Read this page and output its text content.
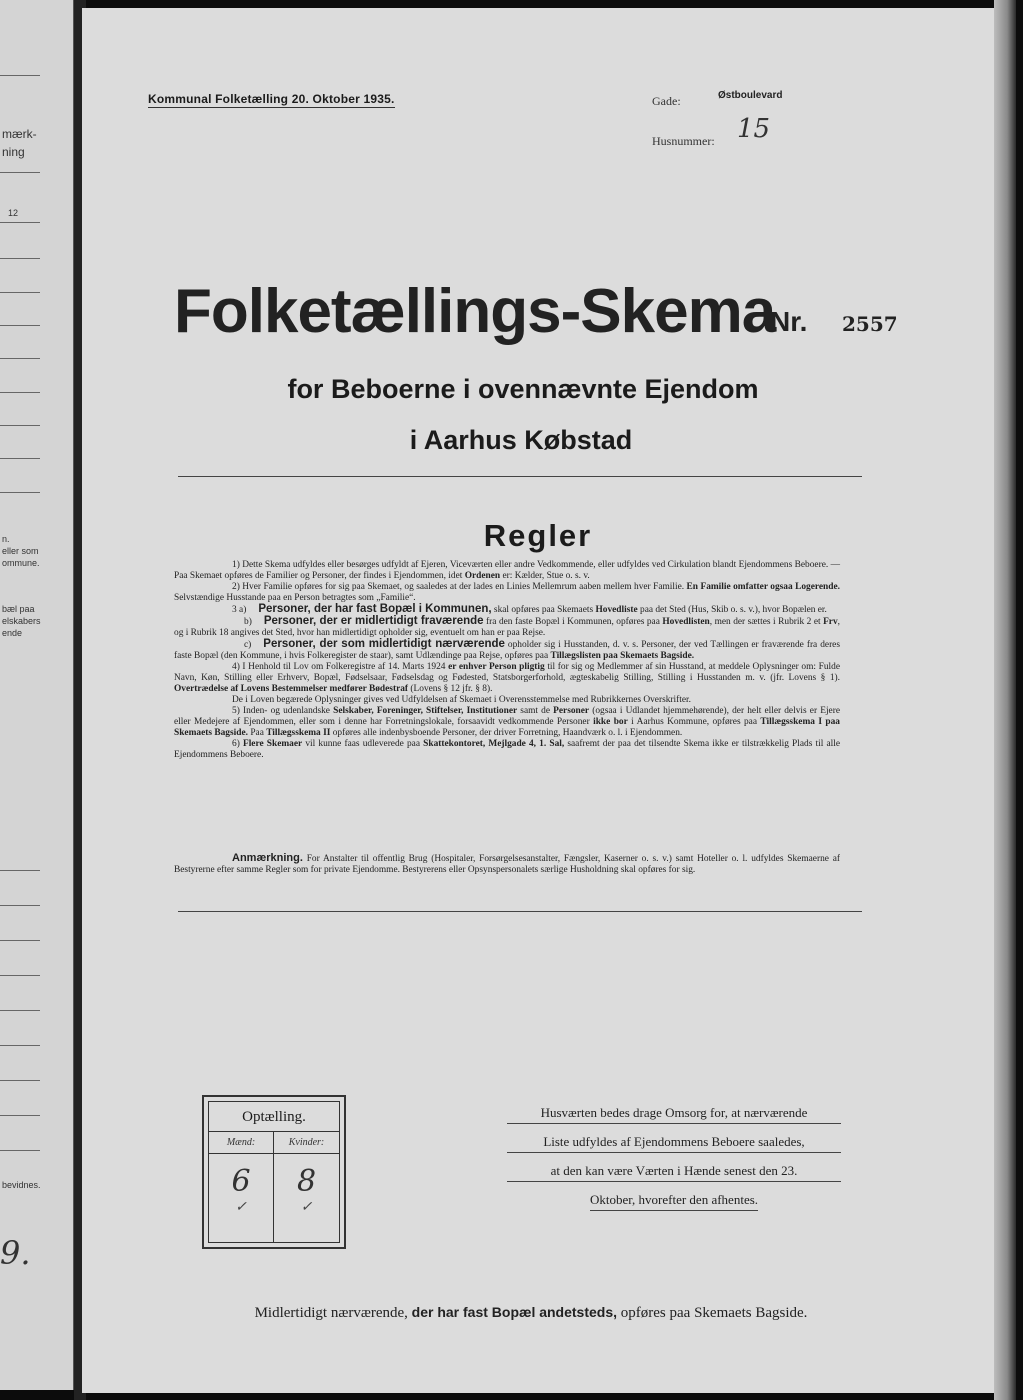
mærk-
ning
12
n.
eller som
ommune.
bæl paa
elskabers
ende
bevidnes.
9.
Kommunal Folketælling 20. Oktober 1935.	Gade:	Østboulevard
Husnummer: 15
Folketællings-Skema
Nr. 2557
for Beboerne i ovennævnte Ejendom
i Aarhus Købstad
Regler

1) Dette Skema udfyldes eller besørges udfyldt af Ejeren, Viceværten eller andre Vedkommende, eller udfyldes ved Cirkulation blandt Ejendommens Beboere. — Paa Skemaet opføres de Familier og Personer, der findes i Ejendommen, idet Ordenen er: Kælder, Stue o. s. v.

2) Hver Familie opføres for sig paa Skemaet, og saaledes at der lades en Linies Mellemrum aaben mellem hver Familie. En Familie omfatter ogsaa Logerende. Selvstændige Husstande paa en Person betragtes som „Familie“.

3 a) Personer, der har fast Bopæl i Kommunen, skal opføres paa Skemaets Hovedliste paa det Sted (Hus, Skib o. s. v.), hvor Bopælen er.

b) Personer, der er midlertidigt fraværende fra den faste Bopæl i Kommunen, opføres paa Hovedlisten, men der sættes i Rubrik 2 et Frv, og i Rubrik 18 angives det Sted, hvor han midlertidigt opholder sig, eventuelt om han er paa Rejse.

c) Personer, der som midlertidigt nærværende opholder sig i Husstanden, d. v. s. Personer, der ved Tællingen er fraværende fra deres faste Bopæl (den Kommune, i hvis Folkeregister de staar), samt Udlændinge paa Rejse, opføres paa Tillægslisten paa Skemaets Bagside.

4) I Henhold til Lov om Folkeregistre af 14. Marts 1924 er enhver Person pligtig til for sig og Medlemmer af sin Husstand, at meddele Oplysninger om: Fulde Navn, Køn, Stilling eller Erhverv, Bopæl, Fødselsaar, Fødselsdag og Fødested, Statsborgerforhold, ægteskabelig Stilling, Stilling i Husstanden m. v. (jfr. Lovens § 1). Overtrædelse af Lovens Bestemmelser medfører Bødestraf (Lovens § 12 jfr. § 8).

De i Loven begærede Oplysninger gives ved Udfyldelsen af Skemaet i Overensstemmelse med Rubrikkernes Overskrifter.

5) Inden- og udenlandske Selskaber, Foreninger, Stiftelser, Institutioner samt de Personer (ogsaa i Udlandet hjemmehørende), der helt eller delvis er Ejere eller Medejere af Ejendommen, eller som i denne har Forretningslokale, forsaavidt vedkommende Personer ikke bor i Aarhus Kommune, opføres paa Tillægsskema I paa Skemaets Bagside. Paa Tillægsskema II opføres alle indenbysboende Personer, der driver Forretning, Haandværk o. l. i Ejendommen.

6) Flere Skemaer vil kunne faas udleverede paa Skattekontoret, Mejlgade 4, 1. Sal, saafremt der paa det tilsendte Skema ikke er tilstrækkelig Plads til alle Ejendommens Beboere.

Anmærkning. For Anstalter til offentlig Brug (Hospitaler, Forsørgelsesanstalter, Fængsler, Kaserner o. s. v.) samt Hoteller o. l. udfyldes Skemaerne af Bestyrerne efter samme Regler som for private Ejendomme. Bestyrerens eller Opsynspersonalets særlige Husholdning skal opføres for sig.

Optælling.
Mænd:
6
✓
Kvinder:
8
✓
Husværten bedes drage Omsorg for, at nærværende
Liste udfyldes af Ejendommens Beboere saaledes,
at den kan være Værten i Hænde senest den 23.
Oktober, hvorefter den afhentes.
Midlertidigt nærværende, der har fast Bopæl andetsteds, opføres paa Skemaets Bagside.
